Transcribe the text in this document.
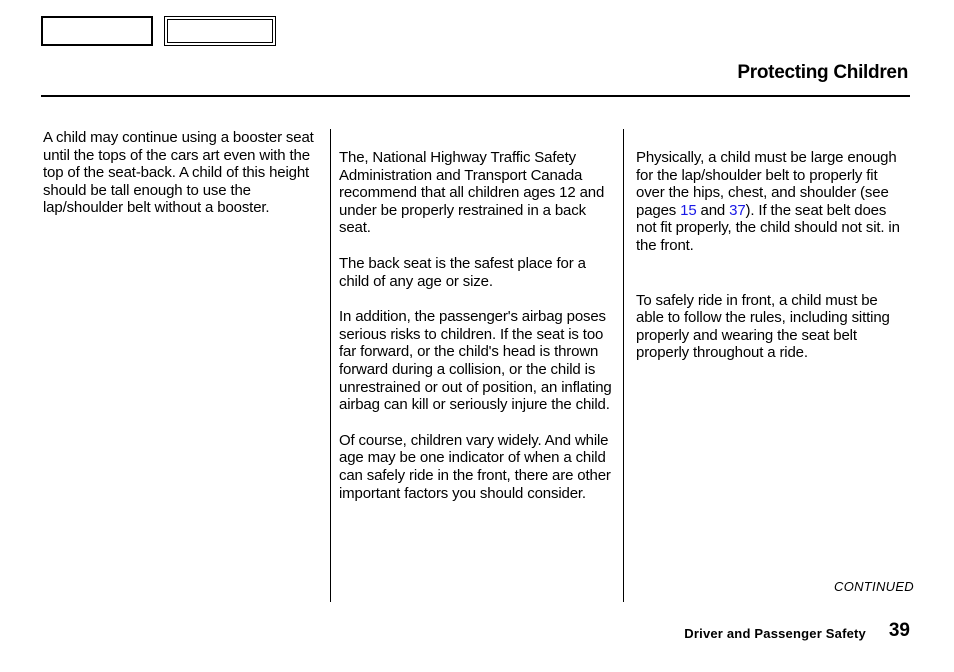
Protecting Children

A child may continue using a booster seat until the tops of the cars art even with the top of the seat-back. A child of this height should be tall enough to use the lap/shoulder belt without a booster.

The, National Highway Traffic Safety Administration and Transport Canada recommend that all children ages 12 and under be properly restrained in a back seat.

The back seat is the safest place for a child of any age or size.

In addition, the passenger's airbag poses serious risks to children. If the seat is too far forward, or the child's head is thrown forward during a collision, or the child is unrestrained or out of position, an inflating airbag can kill or seriously injure the child.

Of course, children vary widely. And while age may be one indicator of when a child can safely ride in the front, there are other important factors you should consider.

Physically, a child must be large enough for the lap/shoulder belt to properly fit over the hips, chest, and shoulder (see pages 15 and 37). If the seat belt does not fit properly, the child should not sit. in the front.

To safely ride in front, a child must be able to follow the rules, including sitting properly and wearing the seat belt properly throughout a ride.

CONTINUED
Driver and Passenger Safety 39
